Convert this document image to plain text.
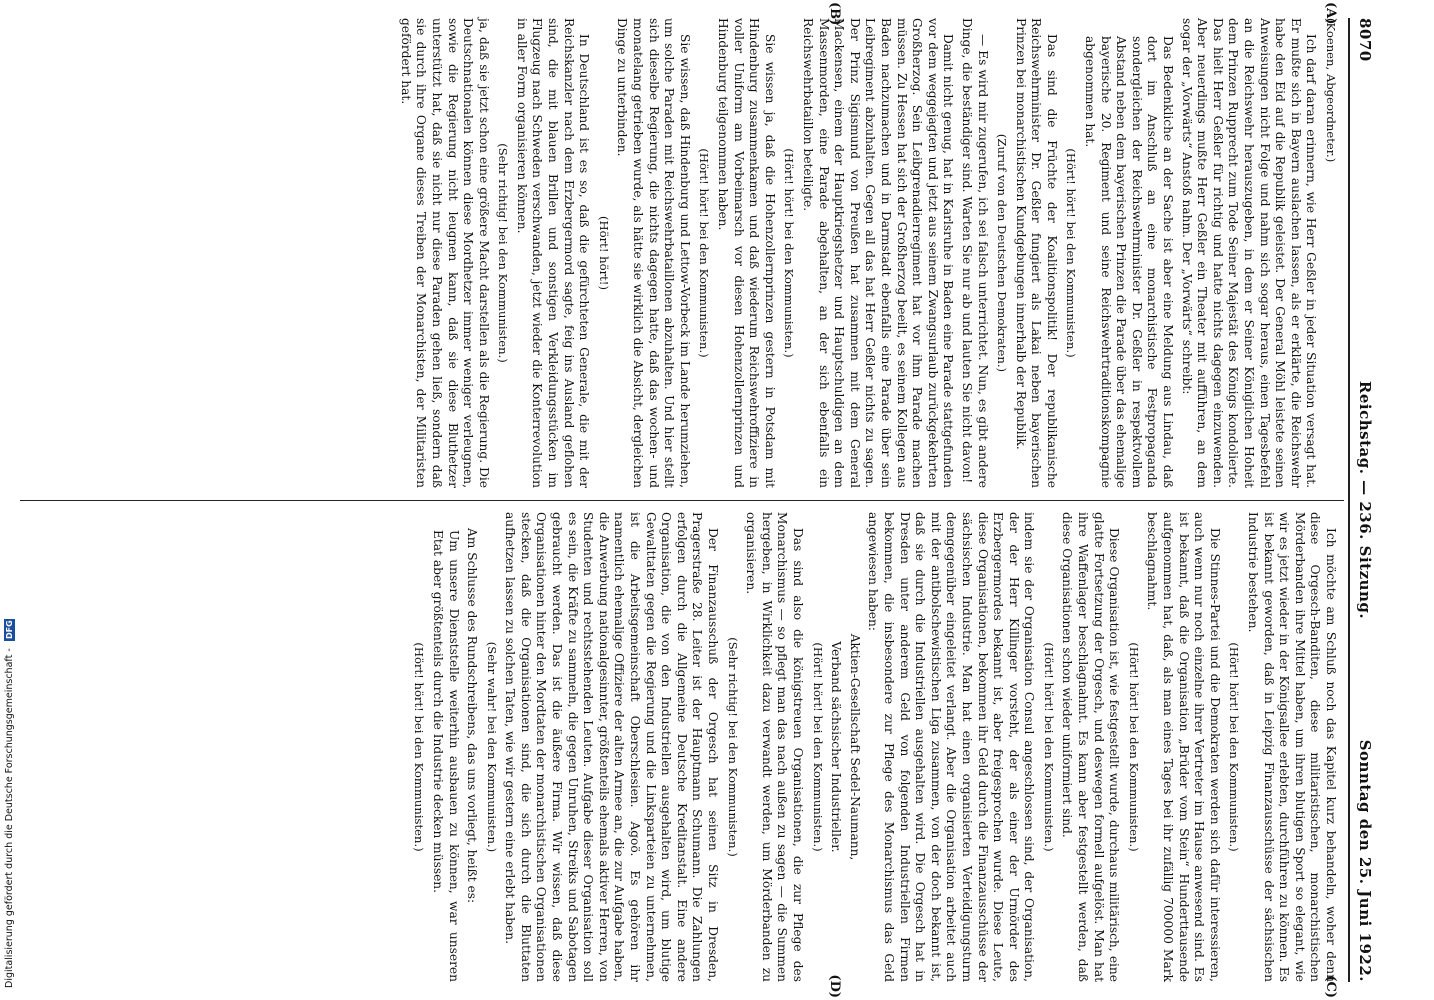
8070
Reichstag. — 236. Sitzung.
Sonntag den 25. Juni 1922.
(A)
(B)
(C)
(D)

(Koenen, Abgeordneter.)

Ich darf daran erinnern, wie Herr Geßler in jeder Situation versagt hat. Er mußte sich in Bayern auslachen lassen, als er erklärte, die Reichswehr habe den Eid auf die Republik geleistet. Der General Möhl leistete seinen Anweisungen nicht Folge und nahm sich sogar heraus, einen Tagesbefehl an die Reichswehr herauszugeben, in dem er Seiner Königlichen Hoheit dem Prinzen Rupprecht zum Tode Seiner Majestät des Königs kondolierte. Das hielt Herr Geßler für richtig und hatte nichts dagegen einzuwenden. Aber neuerdings mußte Herr Geßler ein Theater mit aufführen, an dem sogar der „Vorwärts“ Anstoß nahm. Der „Vorwärts“ schreibt:

Das Bedenkliche an der Sache ist aber eine Meldung aus Lindau, daß dort im Anschluß an eine monarchistische Festpropaganda sondergleichen der Reichswehrminister Dr. Geßler in respektvollem Abstand neben dem bayerischen Prinzen die Parade über das ehemalige bayerische 20. Regiment und seine Reichswehrtraditionskompagnie abgenommen hat.

(Hört! hört! bei den Kommunisten.)

Das sind die Früchte der Koalitionspolitik! Der republikanische Reichswehrminister Dr. Geßler fungiert als Lakai neben bayerischen Prinzen bei monarchistischen Kundgebungen innerhalb der Republik.

(Zuruf von den Deutschen Demokraten.)

— Es wird mir zugerufen, ich sei falsch unterrichtet. Nun, es gibt andere Dinge, die beständiger sind. Warten Sie nur ab und lauten Sie nicht davon!

Damit nicht genug, hat in Karlsruhe in Baden eine Parade stattgefunden vor dem weggejagten und jetzt aus seinem Zwangsurlaub zurückgekehrten Großherzog. Sein Leibgrenadierregiment hat vor ihm Parade machen müssen. Zu Hessen hat sich der Großherzog beeilt, es seinem Kollegen aus Baden nachzumachen und in Darmstadt ebenfalls eine Parade über sein Leibregiment abzuhalten. Gegen all das hat Herr Geßler nichts zu sagen. Der Prinz Sigismund von Preußen hat zusammen mit dem General Mackensen, einem der Hauptkriegshetzer und Hauptschuldigen an dem Massenmorden, eine Parade abgehalten, an der sich ebenfalls ein Reichswehrbataillon beteiligte.

(Hört! hört! bei den Kommunisten.)

Sie wissen ja, daß die Hohenzollernprinzen gestern in Potsdam mit Hindenburg zusammenkamen und daß wiederum Reichswehroffiziere in voller Uniform am Vorbeimarsch vor diesen Hohenzollernprinzen und Hindenburg teilgenommen haben.

(Hört! hört! bei den Kommunisten.)

Sie wissen, daß Hindenburg und Lettow-Vorbeck im Lande herumziehen, um solche Paraden mit Reichswehrbataillonen abzuhalten. Und hier stellt sich dieselbe Regierung, die nichts dagegen hatte, daß das wochen- und monatelang getrieben wurde, als hätte sie wirklich die Absicht, dergleichen Dinge zu unterbinden.

(Hört! hört!)

In Deutschland ist es so, daß die gefürchteten Generale, die mit der Reichskanzler nach dem Erzbergermord sagte, feig ins Ausland geflohen sind, die mit blauen Brillen und sonstigen Verkleidungsstücken im Flugzeug nach Schweden verschwanden, jetzt wieder die Konterrevolution in aller Form organisieren können.

(Sehr richtig! bei den Kommunisten.)

ja, daß sie jetzt schon eine größere Macht darstellen als die Regierung. Die Deutschnationalen können diese Mordhetzer immer weniger verleugnen, sowie die Regierung nicht leugnen kann, daß sie diese Bluthetzer unterstützt hat, daß sie nicht nur diese Paraden gehen ließ, sondern daß sie durch ihre Organe dieses Treiben der Monarchisten, der Militaristen gefördert hat.

Ich möchte am Schluß noch das Kapitel kurz behandeln, woher denn diese Orgesch-Banditen, diese militaristischen, monarchistischen Mörderbanden ihre Mittel haben, um ihren blutigen Sport so elegant, wie wir es jetzt wieder in der Königsallee erlebten, durchführen zu können. Es ist bekannt geworden, daß in Leipzig Finanzausschüsse der sächsischen Industrie bestehen.

(Hört! hört! bei den Kommunisten.)

Die Stinnes-Partei und die Demokraten werden sich dafür interessieren, auch wenn nur noch einzelne ihrer Vertreter im Hause anwesend sind. Es ist bekannt, daß die Organisation „Brüder vom Stein“ Hunderttausende aufgenommen hat, daß, als man eines Tages bei ihr zufällig 700000 Mark beschlagnahmt.

(Hört! hört! bei den Kommunisten.)

Diese Organisation ist, wie festgestellt wurde, durchaus militärisch, eine glatte Fortsetzung der Orgesch, und deswegen formell aufgelöst. Man hat ihre Waffenlager beschlagnahmt. Es kann aber festgestellt werden, daß diese Organisationen schon wieder uniformiert sind.

(Hört! hört! bei den Kommunisten.)

indem sie der Organisation Consul angeschlossen sind, der Organisation, der der Herr Killinger vorsteht, der als einer der Urmörder des Erzbergermordes bekannt ist, aber freigesprochen wurde. Diese Leute, diese Organisationen, bekommen ihr Geld durch die Finanzausschüsse der sächsischen Industrie. Man hat einen organisierten Verteidigungsturm demgegenüber eingeleitet verlangt. Aber die Organisation arbeitet auch mit der antibolschewistischen Liga zusammen, von der doch bekannt ist, daß sie durch die Industriellen ausgehalten wird. Die Orgesch hat in Dresden unter anderem Geld von folgenden Industriellen Firmen bekommen, die insbesondere zur Pflege des Monarchismus das Geld angewiesen haben:

Aktien-Gesellschaft Sedel-Naumann,

Verband sächsischer Industrieller.

(Hört! hört! bei den Kommunisten.)

Das sind also die königstreuen Organisationen, die zur Pflege des Monarchismus — so pflegt man das nach außen zu sagen — die Summen hergeben, in Wirklichkeit dazu verwandt werden, um Mörderbanden zu organisieren.

(Sehr richtig! bei den Kommunisten.)

Der Finanzausschuß der Orgesch hat seinen Sitz in Dresden, Pragerstraße 28. Leiter ist der Hauptmann Schumann. Die Zahlungen erfolgen durch die Allgemeine Deutsche Kreditanstalt. Eine andere Organisation, die von den Industriellen ausgehalten wird, um blutige Gewalttaten gegen die Regierung und die Linksparteien zu unternehmen, ist die Arbeitsgemeinschaft Oberschlesien. Agoö. Es gehören ihr namentlich ehemalige Offiziere der alten Armee an, die zur Aufgabe haben, die Anwerbung nationalgesinnter, größtenteils ehemals aktiver Herren, von Studenten und rechtsstehenden Leuten. Aufgabe dieser Organisation soll es sein, die Kräfte zu sammeln, die gegen Unruhen, Streiks und Sabotagen gebraucht werden. Das ist die äußere Firma. Wir wissen, daß diese Organisationen hinter den Mordtaten der monarchistischen Organisationen stecken, daß die Organisationen sind, die sich durch die Bluttaten aufhetzen lassen zu solchen Taten, wie wir gestern eine erlebt haben.

(Sehr wahr! bei den Kommunisten.)

Am Schlusse des Rundschreibens, das uns vorliegt, heißt es:

Um unsere Dienststelle weiterhin ausbauen zu können, war unseren Etat aber größtenteils durch die Industrie decken müssen.

(Hört! hört! bei den Kommunisten.)

Digitalisierung gefördert durch die Deutsche Forschungsgemeinschaft - DFG
